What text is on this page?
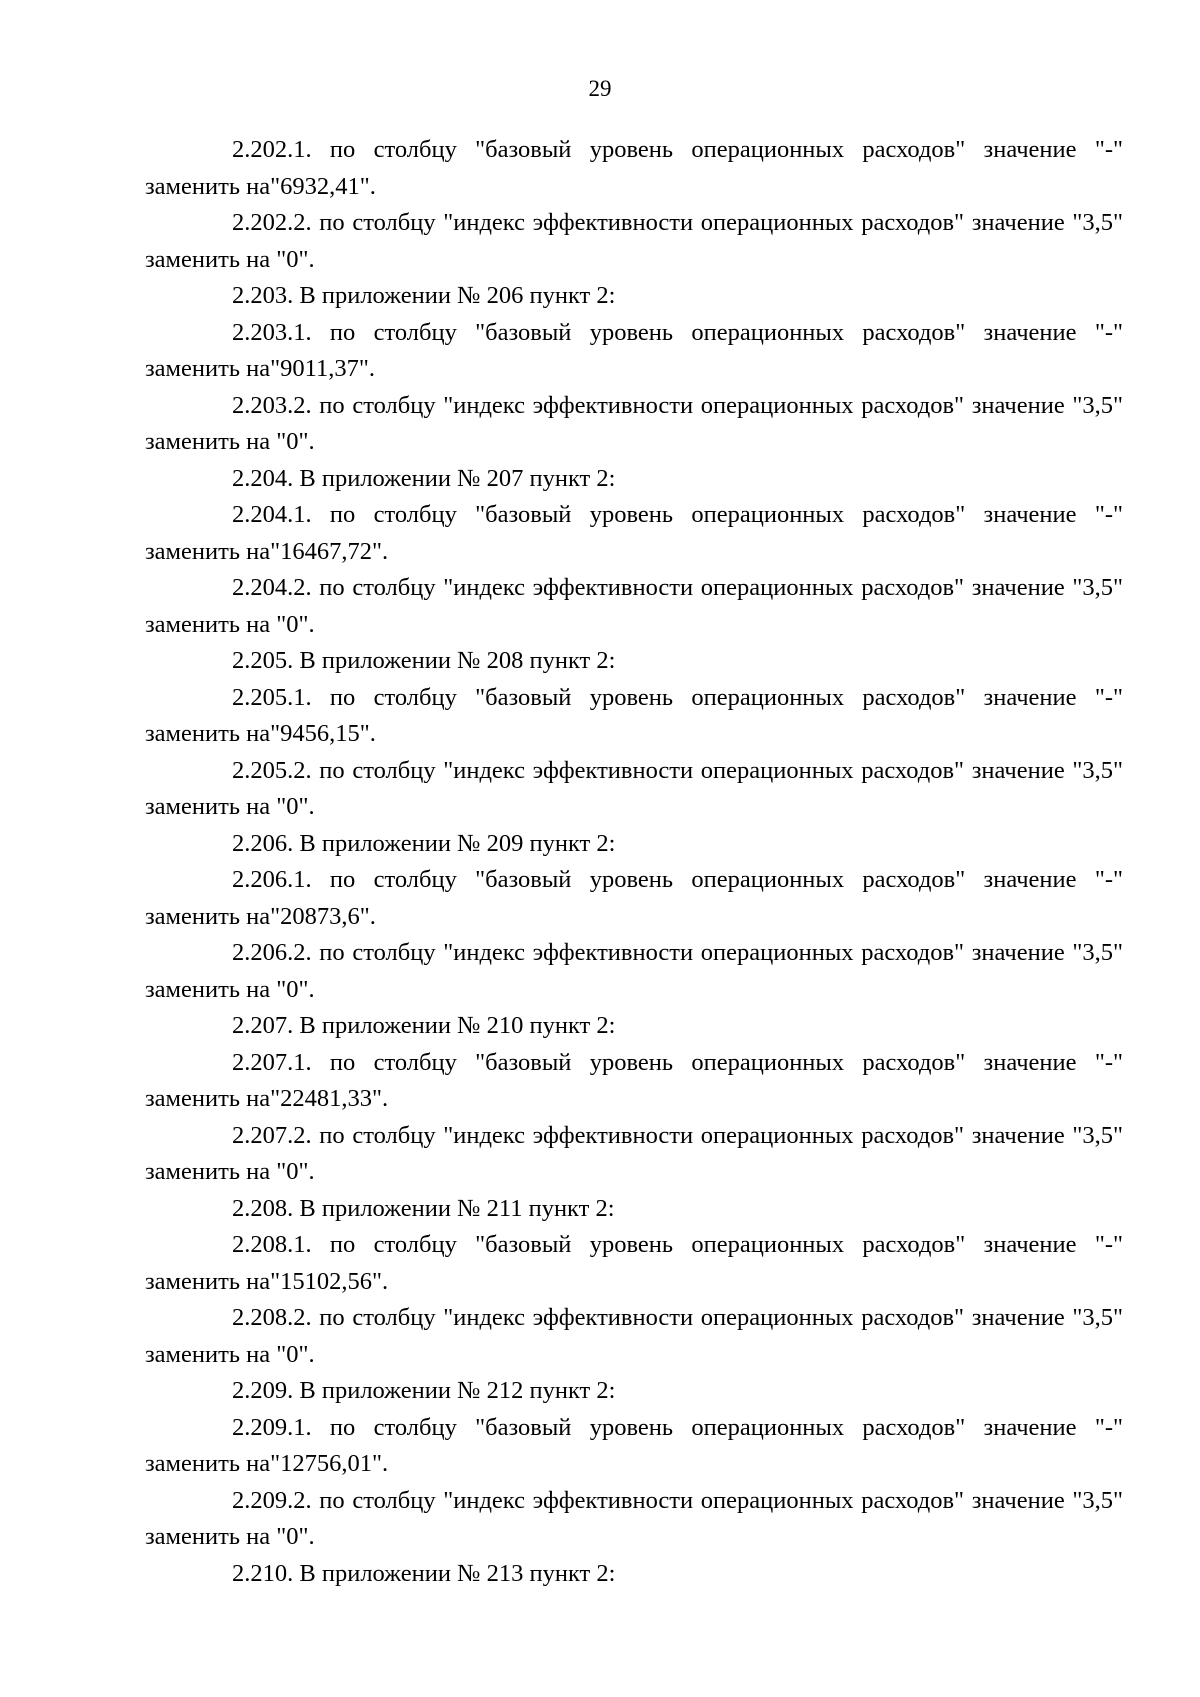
29

2.202.1. по столбцу "базовый уровень операционных расходов" значение "-" заменить на"6932,41".

2.202.2. по столбцу "индекс эффективности операционных расходов" значение "3,5" заменить на "0".

2.203. В приложении № 206 пункт 2:

2.203.1. по столбцу "базовый уровень операционных расходов" значение "-" заменить на"9011,37".

2.203.2. по столбцу "индекс эффективности операционных расходов" значение "3,5" заменить на "0".

2.204. В приложении № 207 пункт 2:

2.204.1. по столбцу "базовый уровень операционных расходов" значение "-" заменить на"16467,72".

2.204.2. по столбцу "индекс эффективности операционных расходов" значение "3,5" заменить на "0".

2.205. В приложении № 208 пункт 2:

2.205.1. по столбцу "базовый уровень операционных расходов" значение "-" заменить на"9456,15".

2.205.2. по столбцу "индекс эффективности операционных расходов" значение "3,5" заменить на "0".

2.206. В приложении № 209 пункт 2:

2.206.1. по столбцу "базовый уровень операционных расходов" значение "-" заменить на"20873,6".

2.206.2. по столбцу "индекс эффективности операционных расходов" значение "3,5" заменить на "0".

2.207. В приложении № 210 пункт 2:

2.207.1. по столбцу "базовый уровень операционных расходов" значение "-" заменить на"22481,33".

2.207.2. по столбцу "индекс эффективности операционных расходов" значение "3,5" заменить на "0".

2.208. В приложении № 211 пункт 2:

2.208.1. по столбцу "базовый уровень операционных расходов" значение "-" заменить на"15102,56".

2.208.2. по столбцу "индекс эффективности операционных расходов" значение "3,5" заменить на "0".

2.209. В приложении № 212 пункт 2:

2.209.1. по столбцу "базовый уровень операционных расходов" значение "-" заменить на"12756,01".

2.209.2. по столбцу "индекс эффективности операционных расходов" значение "3,5" заменить на "0".

2.210. В приложении № 213 пункт 2:
